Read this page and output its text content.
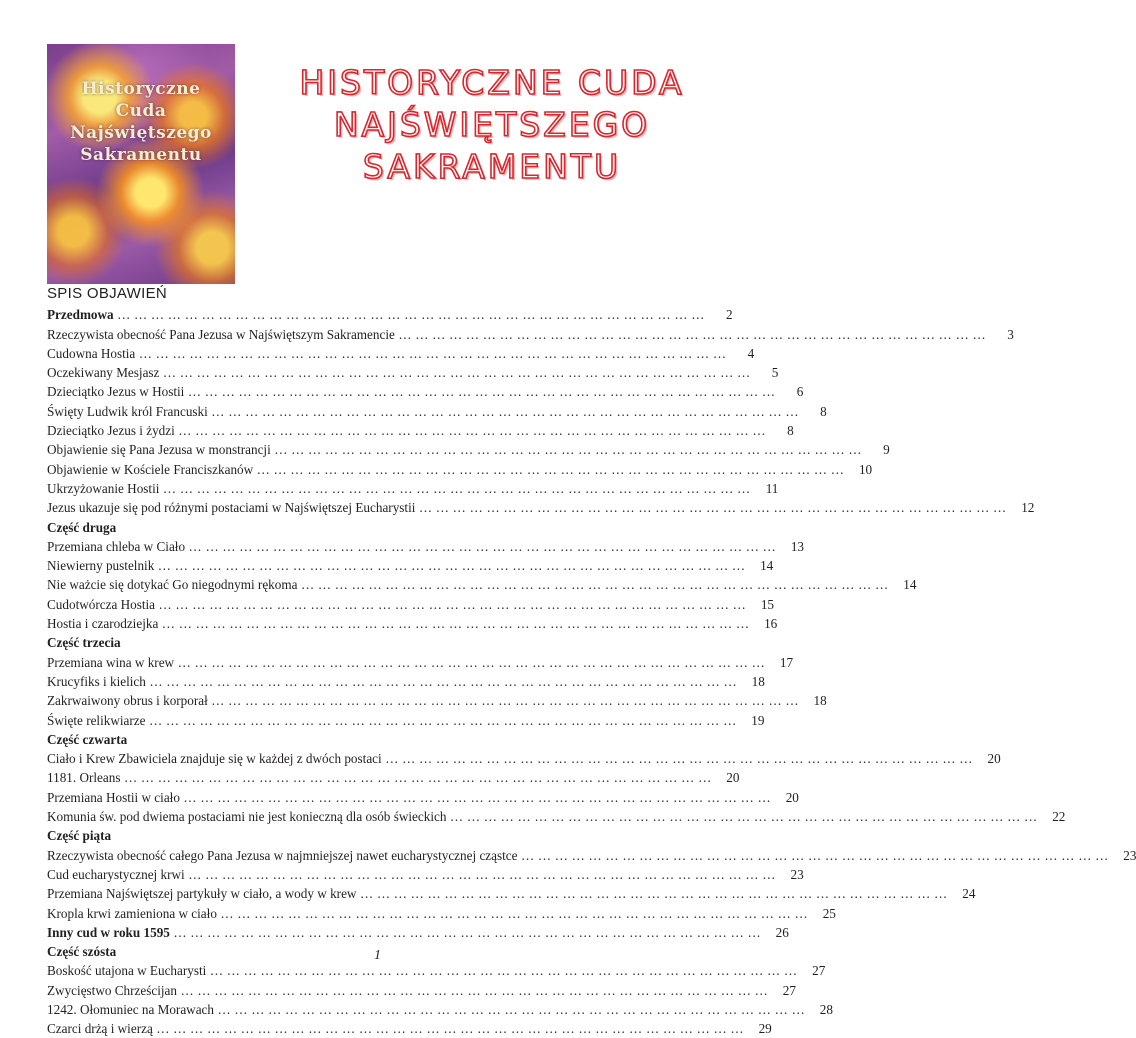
Historyczne
Cuda
Najświętszego
Sakramentu
HISTORYCZNE CUDA
NAJŚWIĘTSZEGO
SAKRAMENTU
SPIS OBJAWIEŃ
Przedmowa … … … … … … … … … … … … … … … … … … … … … … … … … … … … … … … … … … …	2
Rzeczywista obecność Pana Jezusa w Najświętszym Sakramencie … … … … … … … … … … … … … … … … … … … … … … … … … … … … … … … … … … …	3
Cudowna Hostia … … … … … … … … … … … … … … … … … … … … … … … … … … … … … … … … … … …	4
Oczekiwany Mesjasz … … … … … … … … … … … … … … … … … … … … … … … … … … … … … … … … … … …	5
Dzieciątko Jezus w Hostii … … … … … … … … … … … … … … … … … … … … … … … … … … … … … … … … … … …	6
Święty Ludwik król Francuski … … … … … … … … … … … … … … … … … … … … … … … … … … … … … … … … … … …	8
Dzieciątko Jezus i żydzi … … … … … … … … … … … … … … … … … … … … … … … … … … … … … … … … … … …	8
Objawienie się Pana Jezusa w monstrancji … … … … … … … … … … … … … … … … … … … … … … … … … … … … … … … … … … …	9
Objawienie w Kościele Franciszkanów … … … … … … … … … … … … … … … … … … … … … … … … … … … … … … … … … … …	10
Ukrzyżowanie Hostii … … … … … … … … … … … … … … … … … … … … … … … … … … … … … … … … … … …	11
Jezus ukazuje się pod różnymi postaciami w Najświętszej Eucharystii … … … … … … … … … … … … … … … … … … … … … … … … … … … … … … … … … … …	12
Część druga
Przemiana chleba w Ciało … … … … … … … … … … … … … … … … … … … … … … … … … … … … … … … … … … …	13
Niewierny pustelnik … … … … … … … … … … … … … … … … … … … … … … … … … … … … … … … … … … …	14
Nie ważcie się dotykać Go niegodnymi rękoma … … … … … … … … … … … … … … … … … … … … … … … … … … … … … … … … … … …	14
Cudotwórcza Hostia … … … … … … … … … … … … … … … … … … … … … … … … … … … … … … … … … … …	15
Hostia i czarodziejka … … … … … … … … … … … … … … … … … … … … … … … … … … … … … … … … … … …	16
Część trzecia
Przemiana wina w krew … … … … … … … … … … … … … … … … … … … … … … … … … … … … … … … … … … …	17
Krucyfiks i kielich … … … … … … … … … … … … … … … … … … … … … … … … … … … … … … … … … … …	18
Zakrwaiwony obrus i korporał … … … … … … … … … … … … … … … … … … … … … … … … … … … … … … … … … … …	18
Święte relikwiarze … … … … … … … … … … … … … … … … … … … … … … … … … … … … … … … … … … …	19
Część czwarta
Ciało i Krew Zbawiciela znajduje się w każdej z dwóch postaci … … … … … … … … … … … … … … … … … … … … … … … … … … … … … … … … … … …	20
1181. Orleans … … … … … … … … … … … … … … … … … … … … … … … … … … … … … … … … … … …	20
Przemiana Hostii w ciało … … … … … … … … … … … … … … … … … … … … … … … … … … … … … … … … … … …	20
Komunia św. pod dwiema postaciami nie jest konieczną dla osób świeckich … … … … … … … … … … … … … … … … … … … … … … … … … … … … … … … … … … …	22
Część piąta
Rzeczywista obecność całego Pana Jezusa w najmniejszej nawet eucharystycznej cząstce … … … … … … … … … … … … … … … … … … … … … … … … … … … … … … … … … … …	23
Cud eucharystycznej krwi … … … … … … … … … … … … … … … … … … … … … … … … … … … … … … … … … … …	23
Przemiana Najświętszej partykuły w ciało, a wody w krew … … … … … … … … … … … … … … … … … … … … … … … … … … … … … … … … … … …	24
Kropla krwi zamieniona w ciało … … … … … … … … … … … … … … … … … … … … … … … … … … … … … … … … … … …	25
Inny cud w roku 1595 … … … … … … … … … … … … … … … … … … … … … … … … … … … … … … … … … … …	26
Część szósta
Boskość utajona w Eucharysti … … … … … … … … … … … … … … … … … … … … … … … … … … … … … … … … … … …	27
Zwycięstwo Chrześcijan … … … … … … … … … … … … … … … … … … … … … … … … … … … … … … … … … … …	27
1242. Ołomuniec na Morawach … … … … … … … … … … … … … … … … … … … … … … … … … … … … … … … … … … …	28
Czarci drżą i wierzą … … … … … … … … … … … … … … … … … … … … … … … … … … … … … … … … … … …	29
1
